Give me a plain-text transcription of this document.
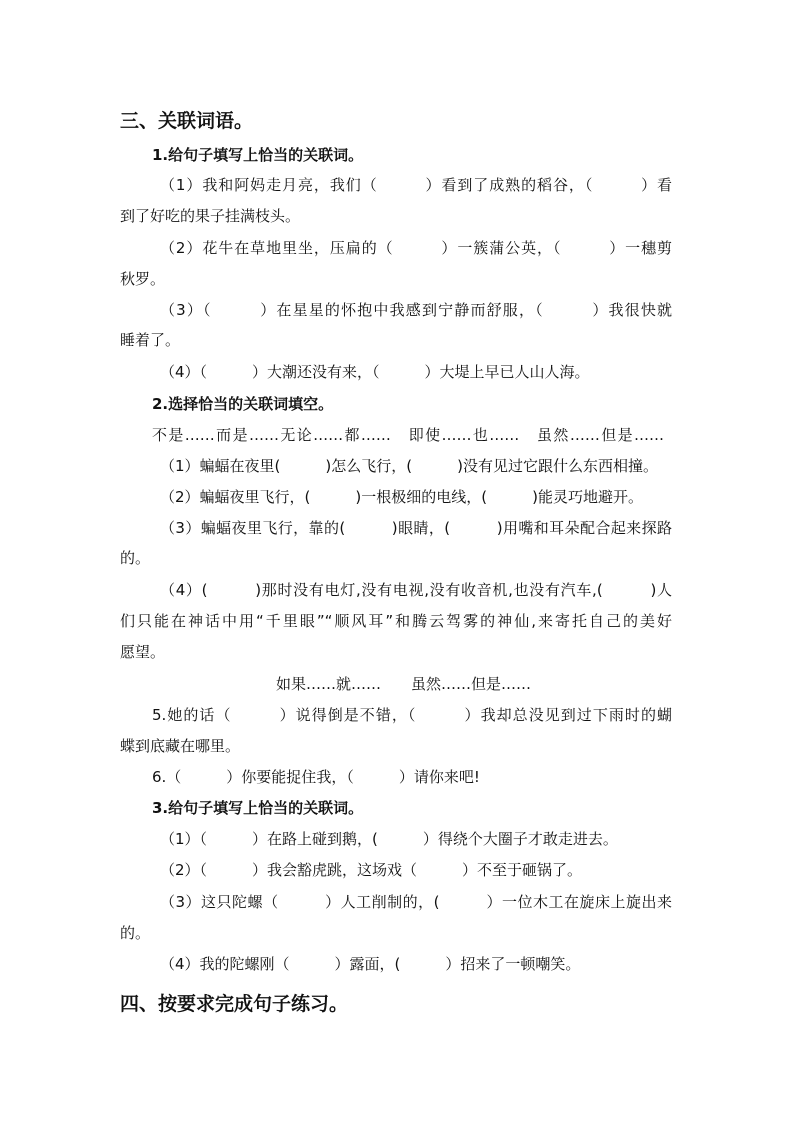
三、关联词语。
1.给句子填写上恰当的关联词。
（1）我和阿妈走月亮，我们（　　　）看到了成熟的稻谷，（　　　）看
到了好吃的果子挂满枝头。
（2）花牛在草地里坐，压扁的（　　　）一簇蒲公英，（　　　）一穗剪
秋罗。
（3）（　　　）在星星的怀抱中我感到宁静而舒服，（　　　）我很快就
睡着了。
（4）（　　　）大潮还没有来，（　　　）大堤上早已人山人海。
2.选择恰当的关联词填空。
不是……而是……无论……都……　即使……也……　虽然……但是……
（1）蝙蝠在夜里(　　　)怎么飞行，(　　　)没有见过它跟什么东西相撞。
（2）蝙蝠夜里飞行，(　　　)一根极细的电线，(　　　)能灵巧地避开。
（3）蝙蝠夜里飞行，靠的(　　　)眼睛，(　　　)用嘴和耳朵配合起来探路
的。
（4）(　　　)那时没有电灯,没有电视,没有收音机,也没有汽车,(　　　)人
们只能在神话中用“千里眼”“顺风耳”和腾云驾雾的神仙,来寄托自己的美好
愿望。
如果……就……　　虽然……但是……
5.她的话（　　　）说得倒是不错，（　　　）我却总没见到过下雨时的蝴
蝶到底藏在哪里。
6.（　　　）你要能捉住我，（　　　）请你来吧!
3.给句子填写上恰当的关联词。
（1）（　　　）在路上碰到鹅，(　　　）得绕个大圈子才敢走进去。
（2）（　　　）我会豁虎跳，这场戏（　　　）不至于砸锅了。
（3）这只陀螺（　　　）人工削制的，(　　　）一位木工在旋床上旋出来
的。
（4）我的陀螺刚（　　　）露面，(　　　）招来了一顿嘲笑。
四、按要求完成句子练习。
